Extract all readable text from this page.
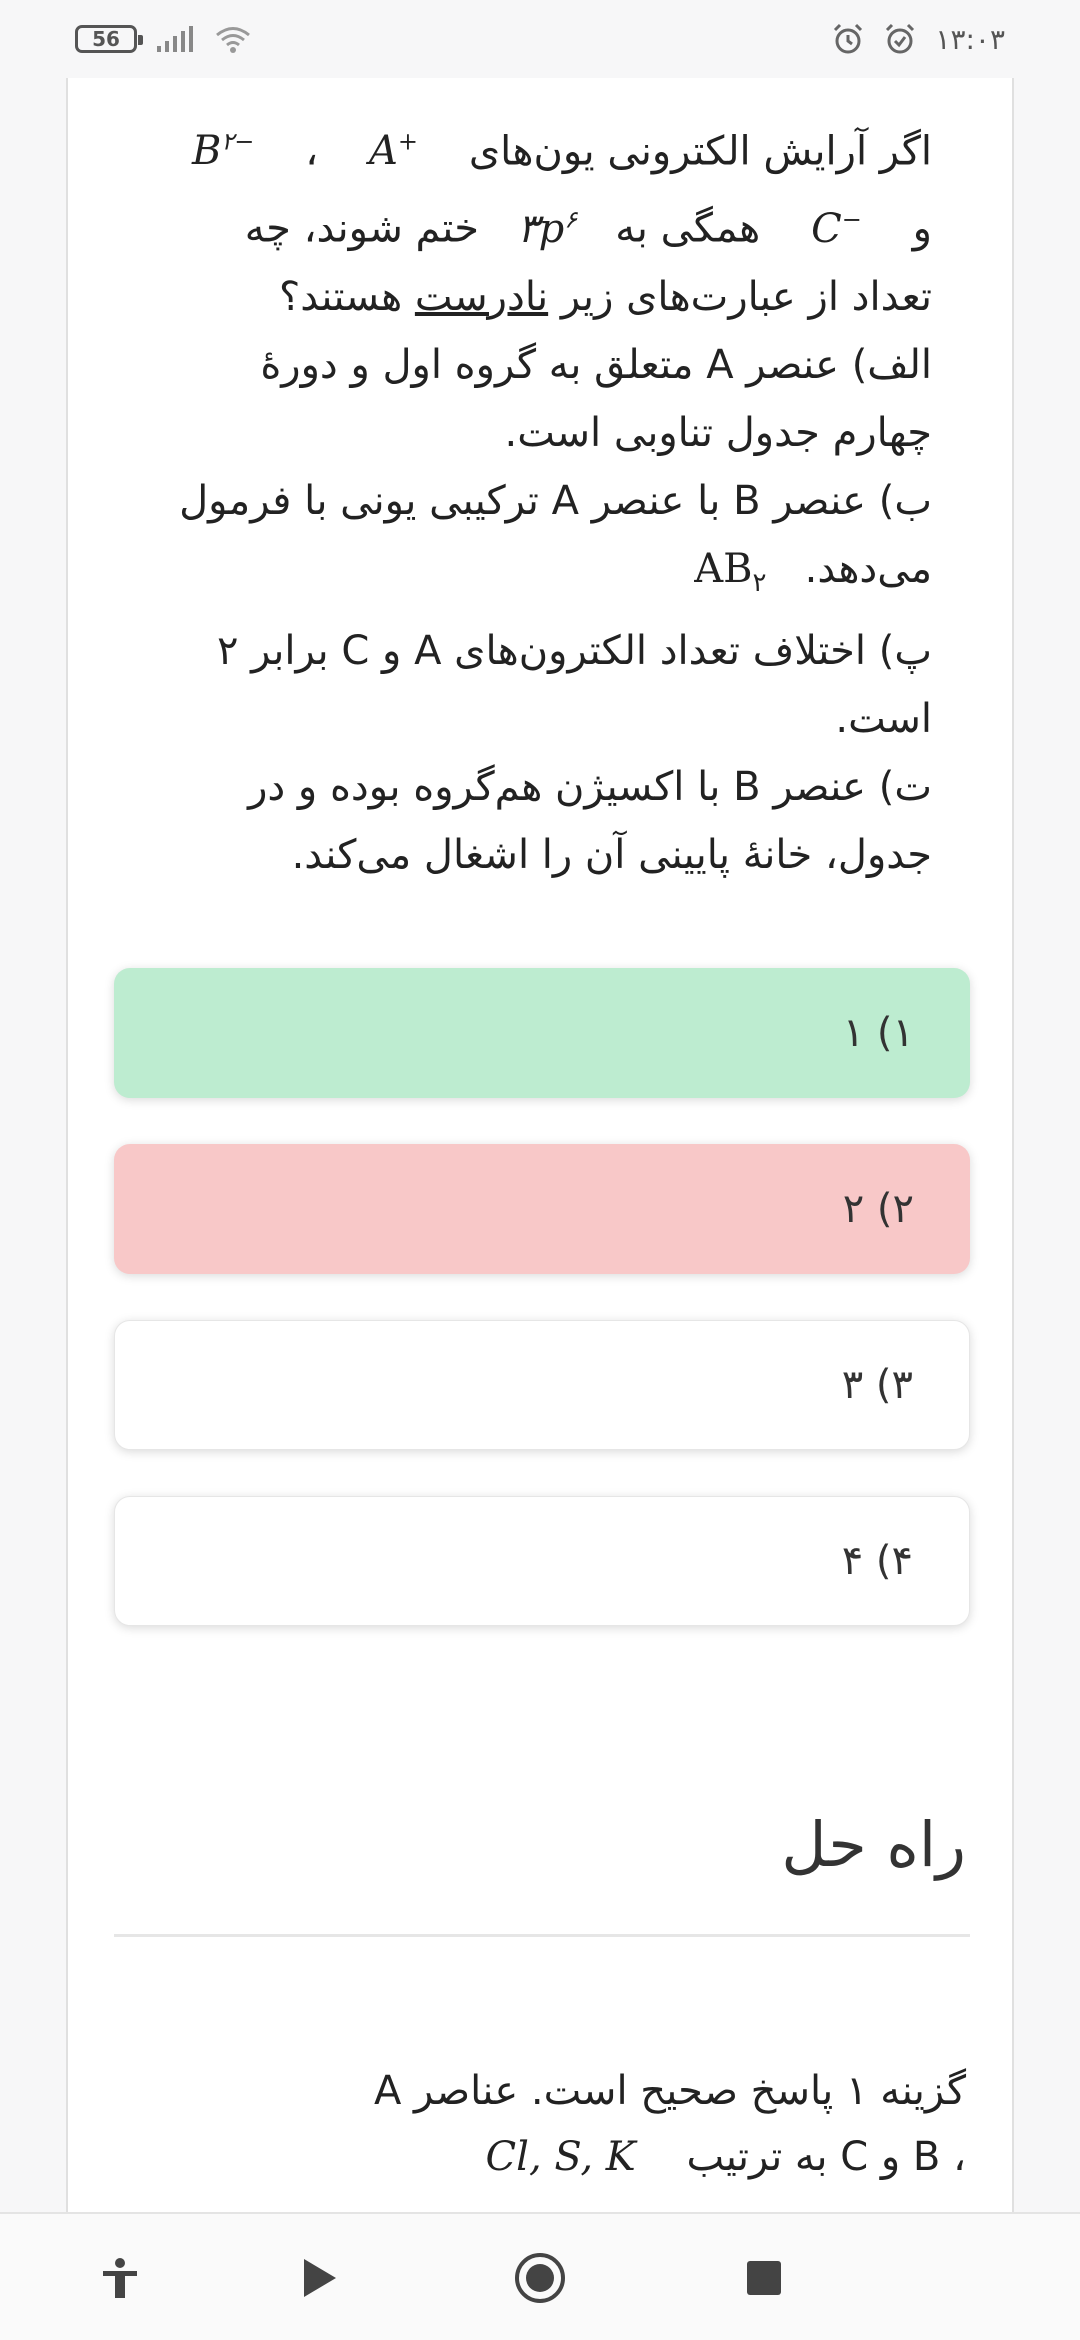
56	۱۳:۰۳
اگر آرایش الکترونی یون‌های    A+    ،    $B^{۲-}$
و    C−    همگی به   $۳p^۶$   ختم شوند، چه
تعداد از عبارت‌های زیر نادرست هستند؟
الف) عنصر A متعلق به گروه اول و دورهٔ
چهارم جدول تناوبی است.
ب) عنصر B با عنصر A ترکیبی یونی با فرمول
می‌دهد.   $AB_۲$
پ) اختلاف تعداد الکترون‌های A و C برابر ۲
است.
ت) عنصر B با اکسیژن هم‌گروه بوده و در
جدول، خانهٔ پایینی آن را اشغال می‌کند.
۱) ۱
۲) ۲
۳) ۳
۴) ۴
راه حل
گزینه ۱ پاسخ صحیح است. عناصر A
، B و C به ترتیب    Cl, S, K
